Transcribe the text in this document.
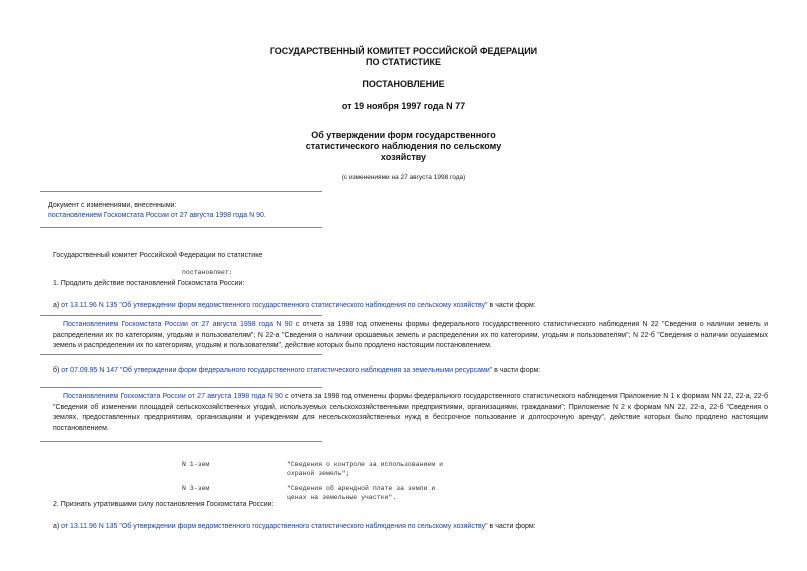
ГОСУДАРСТВЕННЫЙ КОМИТЕТ РОССИЙСКОЙ ФЕДЕРАЦИИ
ПО СТАТИСТИКЕ
ПОСТАНОВЛЕНИЕ
от 19 ноября 1997 года N 77
Об утверждении форм государственного
статистического наблюдения по сельскому
хозяйству
(с изменениями на 27 августа 1998 года)
Документ с изменениями, внесенными:
постановлением Госкомстата России от 27 августа 1998 года N 90.
Государственный комитет Российской Федерации по статистике
постановляет:
1. Продлить действие постановлений Госкомстата России:
а) от 13.11.96 N 135 "Об утверждении форм ведомственного государственного статистического наблюдения по сельскому хозяйству" в части форм:
Постановлением Госкомстата России от 27 августа 1998 года N 90 с отчета за 1998 год отменены формы федерального государственного статистического наблюдения N 22 "Сведения о наличии земель и распределении их по категориям, угодьям и пользователям"; N 22-а "Сведения о наличии орошаемых земель и распределении их по категориям, угодьям и пользователям"; N 22-б "Сведения о наличии осушаемых земель и распределении их по категориям, угодьям и пользователям", действие которых было продлено настоящим постановлением.
б) от 07.09.95 N 147 "Об утверждении форм федерального государственного статистического наблюдения за земельными ресурсами" в части форм:
Постановлением Госкомстата России от 27 августа 1998 года N 90 с отчета за 1998 год отменены формы федерального государственного статистического наблюдения Приложение N 1 к формам NN 22, 22-а, 22-б "Сведения об изменении площадей сельскохозяйственных угодий, используемых сельскохозяйственными предприятиями, организациями, гражданами"; Приложение N 2 к формам NN 22, 22-а, 22-б "Сведения о землях, предоставленных предприятиям, организациям и учреждениям для несельскохозяйственных нужд в бессрочное пользование и долгосрочную аренду", действие которых было продлено настоящим постановлением.
N 1-зем	"Сведения о контроле за использованием и
охраной земель";
N 3-зем	"Сведения об арендной плате за земли и
ценах на земельные участки".
2. Признать утратившими силу постановления Госкомстата России:
а) от 13.11.96 N 135 "Об утверждении форм ведомственного государственного статистического наблюдения по сельскому хозяйству" в части форм:
